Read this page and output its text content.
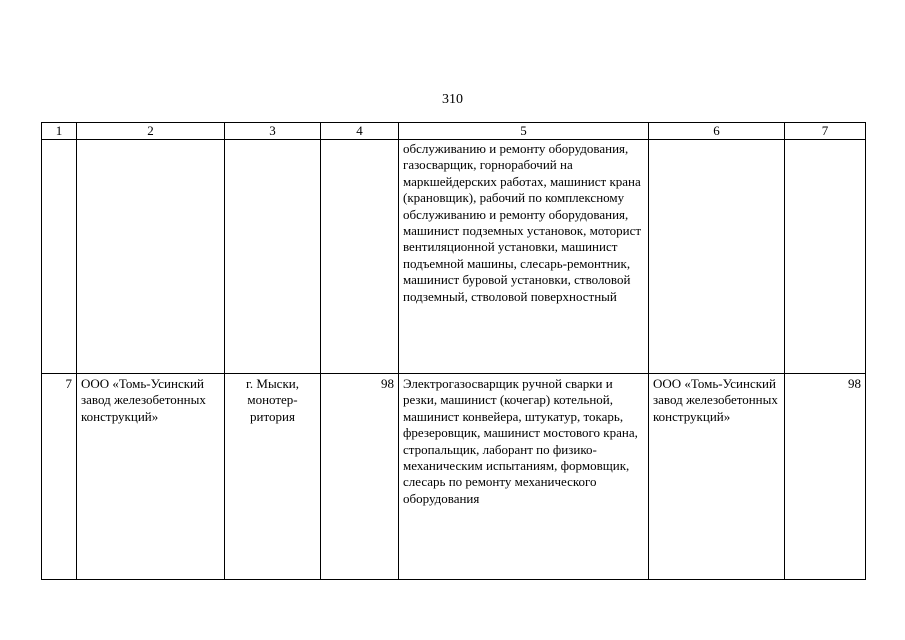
310
1	2	3	4	5	6	7
				обслуживанию и ремонту оборудования, газосварщик, горнорабочий на маркшейдерских работах, машинист крана (крановщик), рабочий по комплексному обслуживанию и ремонту оборудования, машинист подземных установок, моторист вентиляционной установки, машинист подъемной машины, слесарь-ремонтник, машинист буровой установки, стволовой подземный, стволовой поверхностный		
7	ООО «Томь-Усинский завод железобетонных конструкций»	г. Мыски, монотер-ритория	98	Электрогазосварщик ручной сварки и резки, машинист (кочегар) котельной, машинист конвейера, штукатур, токарь, фрезеровщик, машинист мостового крана, стропальщик, лаборант по физико-механическим испытаниям, формовщик, слесарь по ремонту механического оборудования	ООО «Томь-Усинский завод железобетонных конструкций»	98
